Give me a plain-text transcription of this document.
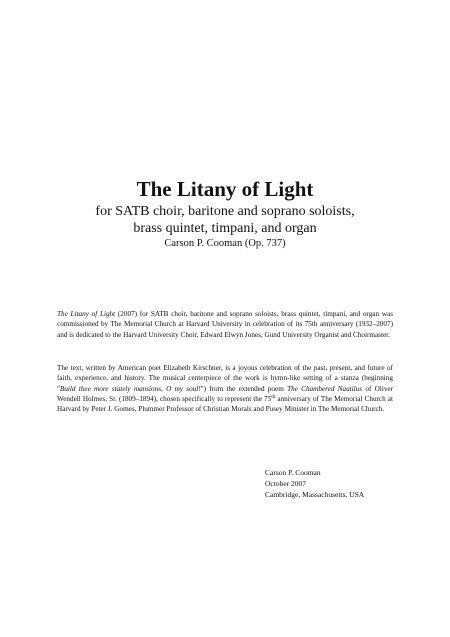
The Litany of Light
for SATB choir, baritone and soprano soloists,
brass quintet, timpani, and organ
Carson P. Cooman (Op. 737)

The Litany of Light (2007) for SATB choir, baritone and soprano soloists, brass quintet, timpani, and organ was commissioned by The Memorial Church at Harvard University in celebration of its 75th anniversary (1932–2007) and is dedicated to the Harvard University Choir, Edward Elwyn Jones, Gund University Organist and Choirmaster.

The text, written by American poet Elizabeth Kirschner, is a joyous celebration of the past, present, and future of faith, experience, and history. The musical centerpiece of the work is hymn-like setting of a stanza (beginning "Build thee more stately mansions, O my soul!") from the extended poem The Chambered Nautilus of Oliver Wendell Holmes, Sr. (1809–1894), chosen specifically to represent the 75th anniversary of The Memorial Church at Harvard by Peter J. Gomes, Plummer Professor of Christian Morals and Pusey Minister in The Memorial Church.

Carson P. Cooman
October 2007
Cambridge, Massachusetts, USA
